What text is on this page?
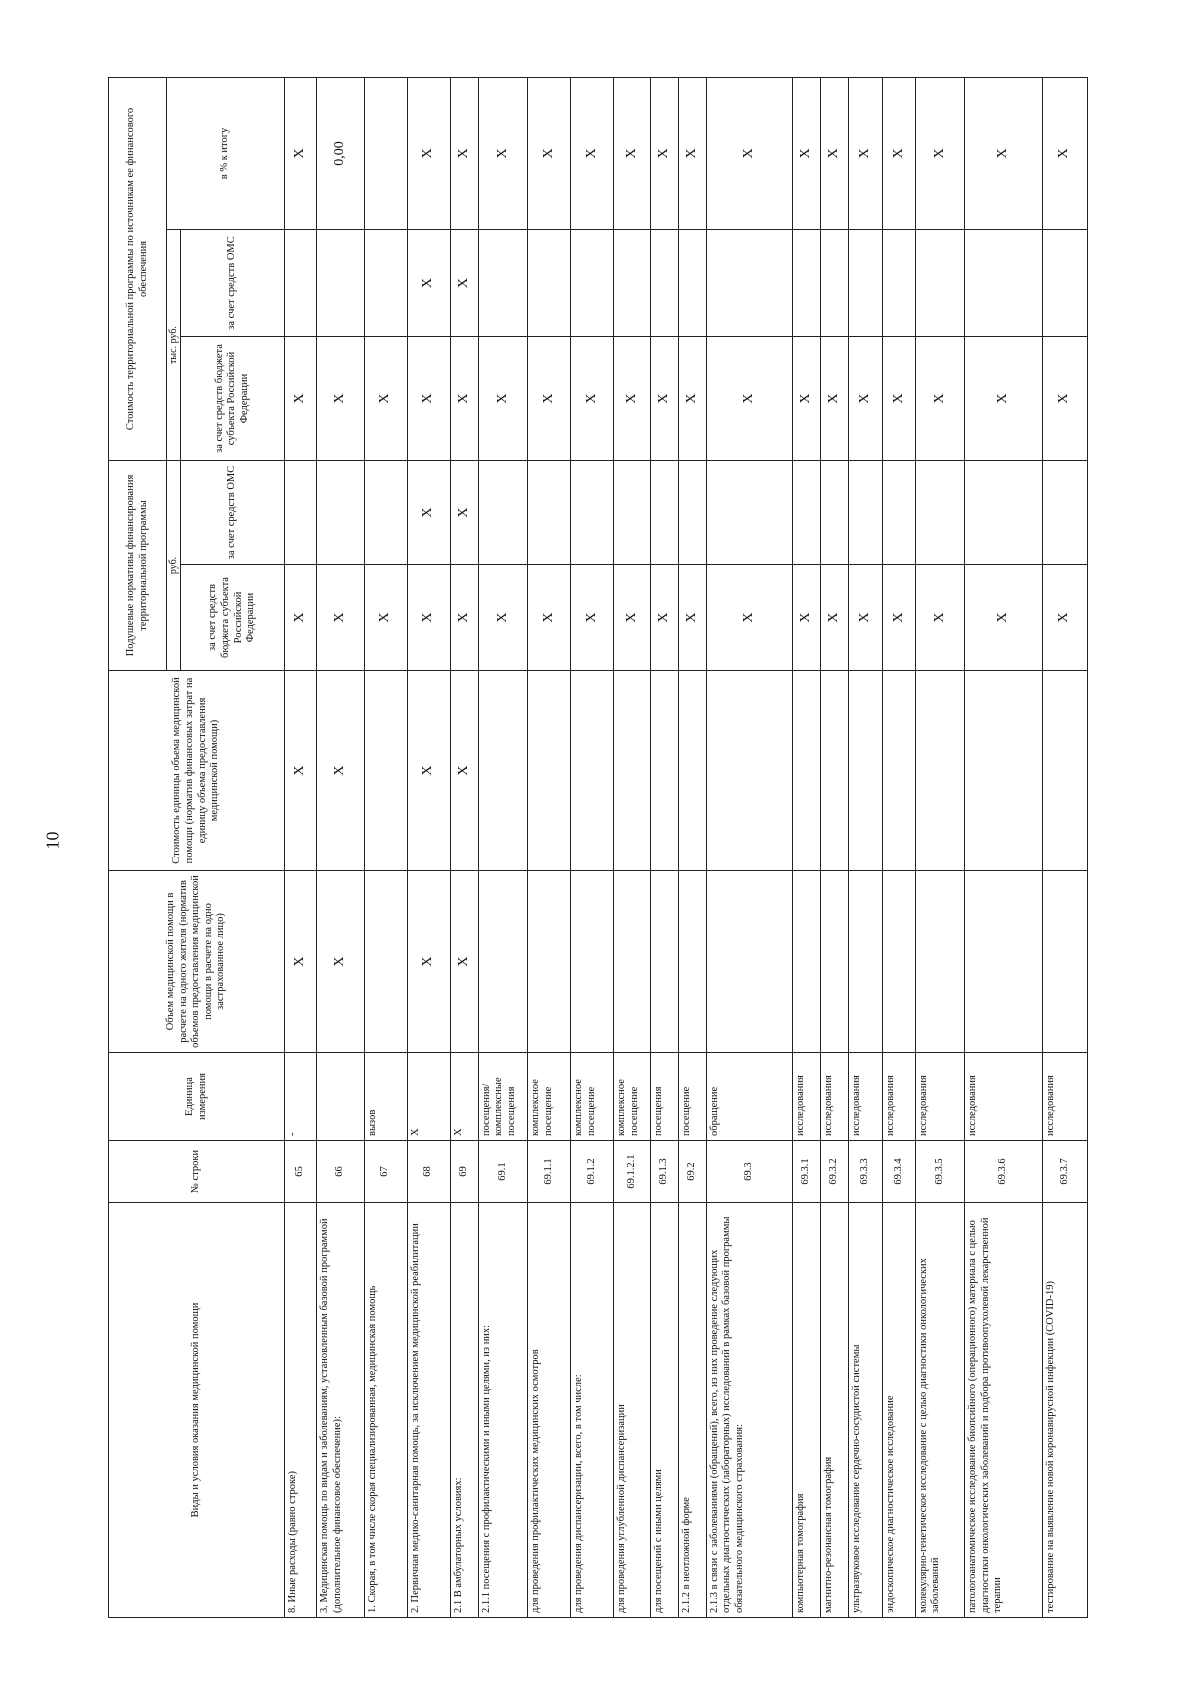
10
Виды и условия оказания медицинской помощи	№ строки	Единица измерения	Объем медицинской помощи в расчете на одного жителя (норматив объемов предоставления медицинской помощи в расчете на одно застрахованное лицо)	Стоимость единицы объема медицинской помощи (норматив финансовых затрат на единицу объема предоставления медицинской помощи)	Подушевые нормативы финансирования территориальной программы		Стоимость территориальной программы по источникам ее финансового обеспечения		
					руб.		тыс. руб.		в % к итогу
					за счет средств бюджета субъекта Российской Федерации	за счет средств ОМС	за счет средств бюджета субъекта Российской Федерации	за счет средств ОМС	
8. Иные расходы (равно строке)	65	-	X	X	X		X		X
3. Медицинская помощь по видам и заболеваниям, установленным базовой программой (дополнительное финансовое обеспечение):	66		X	X	X		X		0,00
1. Скорая, в том числе скорая специализированная, медицинская помощь	67	вызов			X		X		
2. Первичная медико-санитарная помощь, за исключением медицинской реабилитации	68	X	X	X	X	X	X	X	X
2.1 В амбулаторных условиях:	69	X	X	X	X	X	X	X	X
2.1.1 посещения с профилактическими и иными целями, из них:	69.1	посещения/ комплексные посещения			X		X		X
для проведения профилактических медицинских осмотров	69.1.1	комплексное посещение			X		X		X
для проведения диспансеризации, всего, в том числе:	69.1.2	комплексное посещение			X		X		X
для проведения углубленной диспансеризации	69.1.2.1	комплексное посещение			X		X		X
для посещений с иными целями	69.1.3	посещения			X		X		X
2.1.2 в неотложной форме	69.2	посещение			X		X		X
2.1.3 в связи с заболеваниями (обращений), всего, из них проведение следующих отдельных диагностических (лабораторных) исследований в рамках базовой программы обязательного медицинского страхования:	69.3	обращение			X		X		X
компьютерная томография	69.3.1	исследования			X		X		X
магнитно-резонансная томография	69.3.2	исследования			X		X		X
ультразвуковое исследование сердечно-сосудистой системы	69.3.3	исследования			X		X		X
эндоскопическое диагностическое исследование	69.3.4	исследования			X		X		X
молекулярно-генетическое исследование с целью диагностики онкологических заболеваний	69.3.5	исследования			X		X		X
патологоанатомическое исследование биопсийного (операционного) материала с целью диагностики онкологических заболеваний и подбора противоопухолевой лекарственной терапии	69.3.6	исследования			X		X		X
тестирование на выявление новой коронавирусной инфекции (COVID-19)	69.3.7	исследования			X		X		X
